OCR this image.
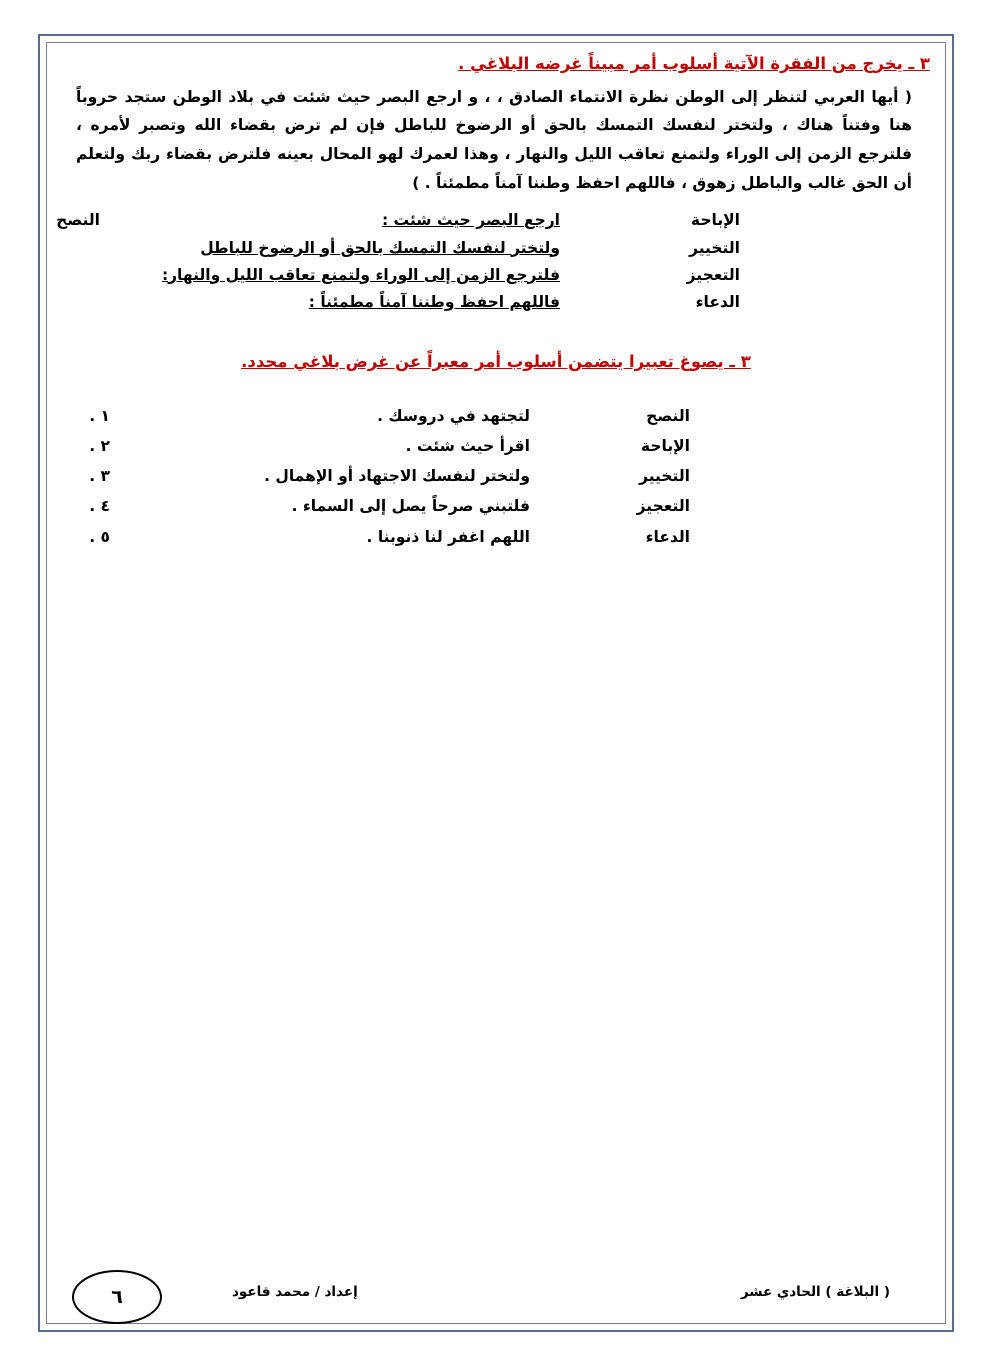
٣ ـ يخرج من الفقرة الآتية أسلوب أمر مبيناً غرضه البلاغي .
( أيها العربي لتنظر إلى الوطن نظرة الانتماء الصادق ، ، و ارجع البصر حيث شئت في بلاد الوطن ستجد حروباً هنا وفتناً هناك ، ولتختر لنفسك التمسك بالحق أو الرضوخ للباطل فإن لم ترض بقضاء الله وتصبر لأمره ، فلترجع الزمن إلى الوراء ولتمنع تعاقب الليل والنهار ، وهذا لعمرك لهو المحال بعينه فلترض بقضاء ربك ولتعلم أن الحق غالب والباطل زهوق ، فاللهم احفظ وطننا آمناً مطمئناً . )
الإباحة
ارجع البصر حيث شئت :
النصح
التخيير
ولتختر لنفسك التمسك بالحق أو الرضوخ للباطل
التعجيز
فلترجع الزمن إلى الوراء ولتمنع تعاقب الليل والنهار:
الدعاء
فاللهم احفظ وطننا آمناً مطمئناً :
٣ ـ يصوغ تعبيرا يتضمن أسلوب أمر معبراً عن غرض بلاغي محدد.
النصح
لتجتهد في دروسك .
١ .
الإباحة
اقرأ حيث شئت .
٢ .
التخيير
ولتختر لنفسك الاجتهاد أو الإهمال .
٣ .
التعجيز
فلتبني صرحاً يصل إلى السماء .
٤ .
الدعاء
اللهم اغفر لنا ذنوبنا .
٥ .
٦	إعداد / محمد قاعود	( البلاغة ) الحادي عشر
